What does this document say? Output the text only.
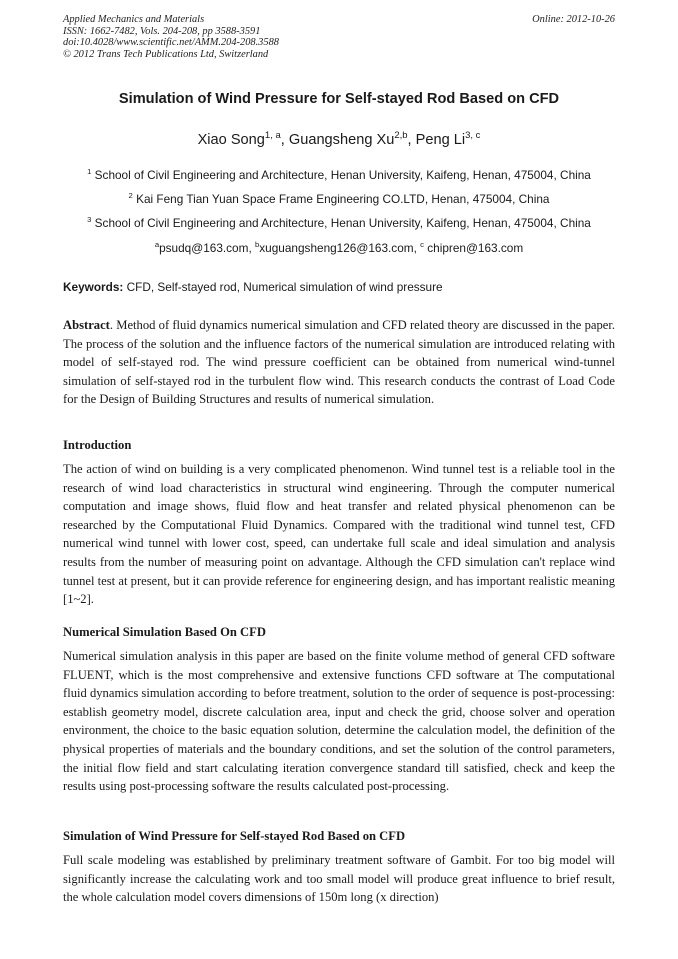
Applied Mechanics and Materials
ISSN: 1662-7482, Vols. 204-208, pp 3588-3591
doi:10.4028/www.scientific.net/AMM.204-208.3588
© 2012 Trans Tech Publications Ltd, Switzerland
Online: 2012-10-26
Simulation of Wind Pressure for Self-stayed Rod Based on CFD
Xiao Song$^{1, a}$, Guangsheng Xu$^{2,b}$, Peng Li$^{3, c}$
$^1$ School of Civil Engineering and Architecture, Henan University, Kaifeng, Henan, 475004, China
$^2$ Kai Feng Tian Yuan Space Frame Engineering CO.LTD, Henan, 475004, China
$^3$ School of Civil Engineering and Architecture, Henan University, Kaifeng, Henan, 475004, China
$^a$psudq@163.com, $^b$xuguangsheng126@163.com, $^c$ chipren@163.com
Keywords: CFD, Self-stayed rod, Numerical simulation of wind pressure
Abstract. Method of fluid dynamics numerical simulation and CFD related theory are discussed in the paper. The process of the solution and the influence factors of the numerical simulation are introduced relating with model of self-stayed rod. The wind pressure coefficient can be obtained from numerical wind-tunnel simulation of self-stayed rod in the turbulent flow wind. This research conducts the contrast of Load Code for the Design of Building Structures and results of numerical simulation.
Introduction
The action of wind on building is a very complicated phenomenon. Wind tunnel test is a reliable tool in the research of wind load characteristics in structural wind engineering. Through the computer numerical computation and image shows, fluid flow and heat transfer and related physical phenomenon can be researched by the Computational Fluid Dynamics. Compared with the traditional wind tunnel test, CFD numerical wind tunnel with lower cost, speed, can undertake full scale and ideal simulation and analysis results from the number of measuring point on advantage. Although the CFD simulation can't replace wind tunnel test at present, but it can provide reference for engineering design, and has important realistic meaning [1~2].
Numerical Simulation Based On CFD
Numerical simulation analysis in this paper are based on the finite volume method of general CFD software FLUENT, which is the most comprehensive and extensive functions CFD software at The computational fluid dynamics simulation according to before treatment, solution to the order of sequence is post-processing: establish geometry model, discrete calculation area, input and check the grid, choose solver and operation environment, the choice to the basic equation solution, determine the calculation model, the definition of the physical properties of materials and the boundary conditions, and set the solution of the control parameters, the initial flow field and start calculating iteration convergence standard till satisfied, check and keep the results using post-processing software the results calculated post-processing.
Simulation of Wind Pressure for Self-stayed Rod Based on CFD
Full scale modeling was established by preliminary treatment software of Gambit. For too big model will significantly increase the calculating work and too small model will produce great influence to brief result, the whole calculation model covers dimensions of 150m long (x direction)
